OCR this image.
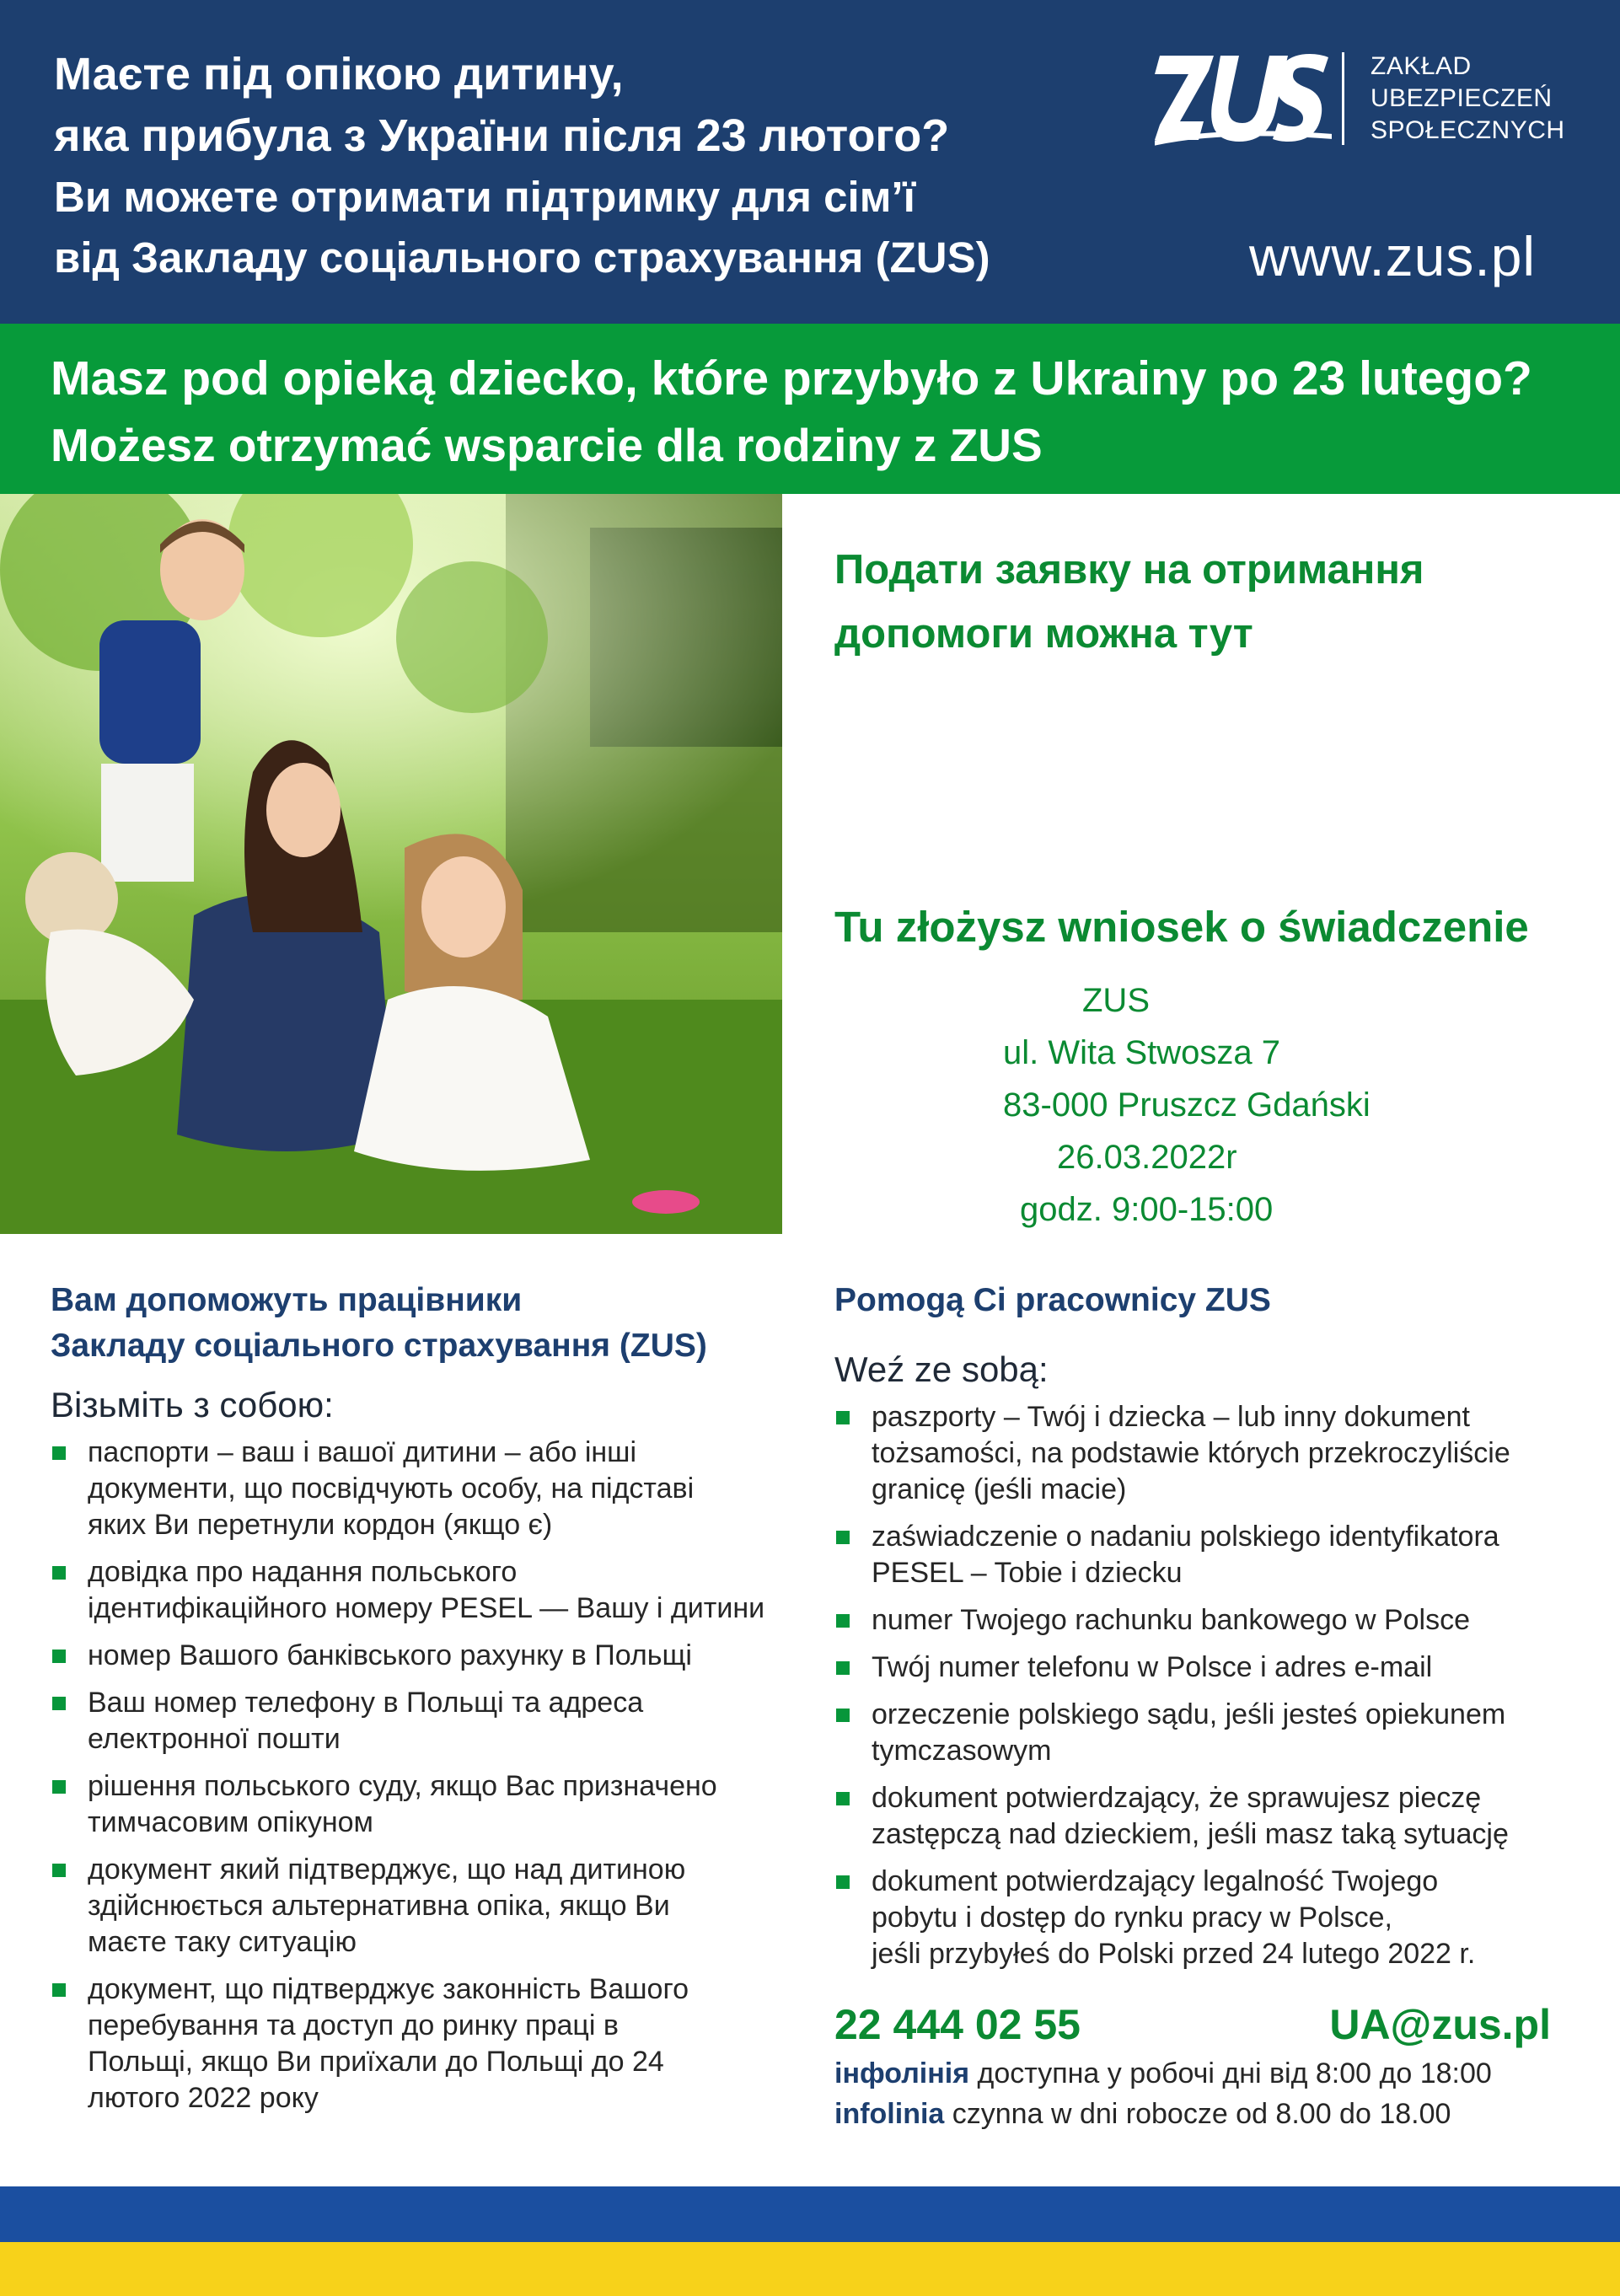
Маєте під опікою дитину,
яка прибула з України після 23 лютого?
Ви можете отримати підтримку для сім’ї
від Закладу соціального страхування (ZUS)
ZAKŁAD
UBEZPIECZEŃ
SPOŁECZNYCH
www.zus.pl
Masz pod opieką dziecko, które przybyło z Ukrainy po 23 lutego?
Możesz otrzymać wsparcie dla rodziny z ZUS
Подати заявку на отримання
допомоги можна тут
Tu złożysz wniosek o świadczenie
ZUS
ul. Wita Stwosza 7
83-000 Pruszcz Gdański
26.03.2022r
godz. 9:00-15:00
Вам допоможуть працівники
Закладу соціального страхування (ZUS)
Візьміть з собою:
паспорти – ваш і вашої дитини – або інші
документи, що посвідчують особу, на підставі
яких Ви перетнули кордон (якщо є)
довідка про надання польського
ідентифікаційного номеру PESEL — Вашу і дитини
номер Вашого банківського рахунку в Польщі
Ваш номер телефону в Польщі та адреса
електронної пошти
рішення польського суду, якщо Вас призначено
тимчасовим опікуном
документ який підтверджує, що над дитиною
здійснюється альтернативна опіка, якщо Ви
маєте таку ситуацію
документ, що підтверджує законність Вашого
перебування та доступ до ринку праці в
Польщі, якщо Ви приїхали до Польщі до 24
лютого 2022 року
Pomogą Ci pracownicy ZUS
Weź ze sobą:
paszporty – Twój i dziecka – lub inny dokument
tożsamości, na podstawie których przekroczyliście
granicę (jeśli macie)
zaświadczenie o nadaniu polskiego identyfikatora
PESEL – Tobie i dziecku
numer Twojego rachunku bankowego w Polsce
Twój numer telefonu w Polsce i adres e-mail
orzeczenie polskiego sądu, jeśli jesteś opiekunem
tymczasowym
dokument potwierdzający, że sprawujesz pieczę
zastępczą nad dzieckiem, jeśli masz taką sytuację
dokument potwierdzający legalność Twojego
pobytu i dostęp do rynku pracy w Polsce,
jeśli przybyłeś do Polski przed 24 lutego 2022 r.
22 444 02 55	UA@zus.pl
інфолінія доступна у робочі дні від 8:00 до 18:00
infolinia czynna w dni robocze od 8.00 do 18.00
